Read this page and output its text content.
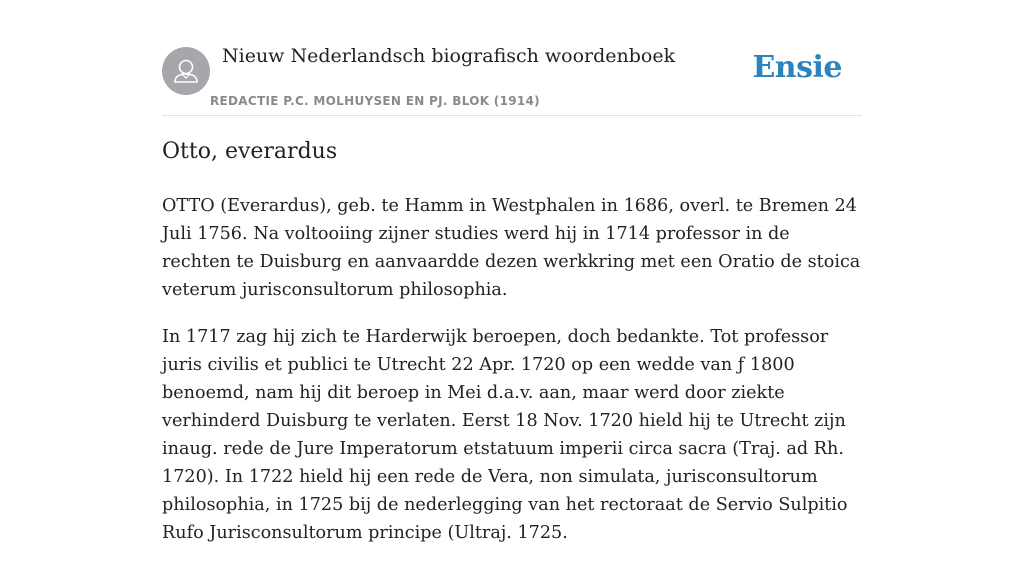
Nieuw Nederlandsch biografisch woordenboek
REDACTIE P.C. MOLHUYSEN EN PJ. BLOK (1914)
Ensie
Otto, everardus

OTTO (Everardus), geb. te Hamm in Westphalen in 1686, overl. te Bremen 24 Juli 1756. Na voltooiing zijner studies werd hij in 1714 professor in de rechten te Duisburg en aanvaardde dezen werkkring met een Oratio de stoica veterum jurisconsultorum philosophia.

In 1717 zag hij zich te Harderwijk beroepen, doch bedankte. Tot professor juris civilis et publici te Utrecht 22 Apr. 1720 op een wedde van ƒ 1800 benoemd, nam hij dit beroep in Mei d.a.v. aan, maar werd door ziekte verhinderd Duisburg te verlaten. Eerst 18 Nov. 1720 hield hij te Utrecht zijn inaug. rede de Jure Imperatorum etstatuum imperii circa sacra (Traj. ad Rh. 1720). In 1722 hield hij een rede de Vera, non simulata, jurisconsultorum philosophia, in 1725 bij de nederlegging van het rectoraat de Servio Sulpitio Rufo Jurisconsultorum principe (Ultraj. 1725.
